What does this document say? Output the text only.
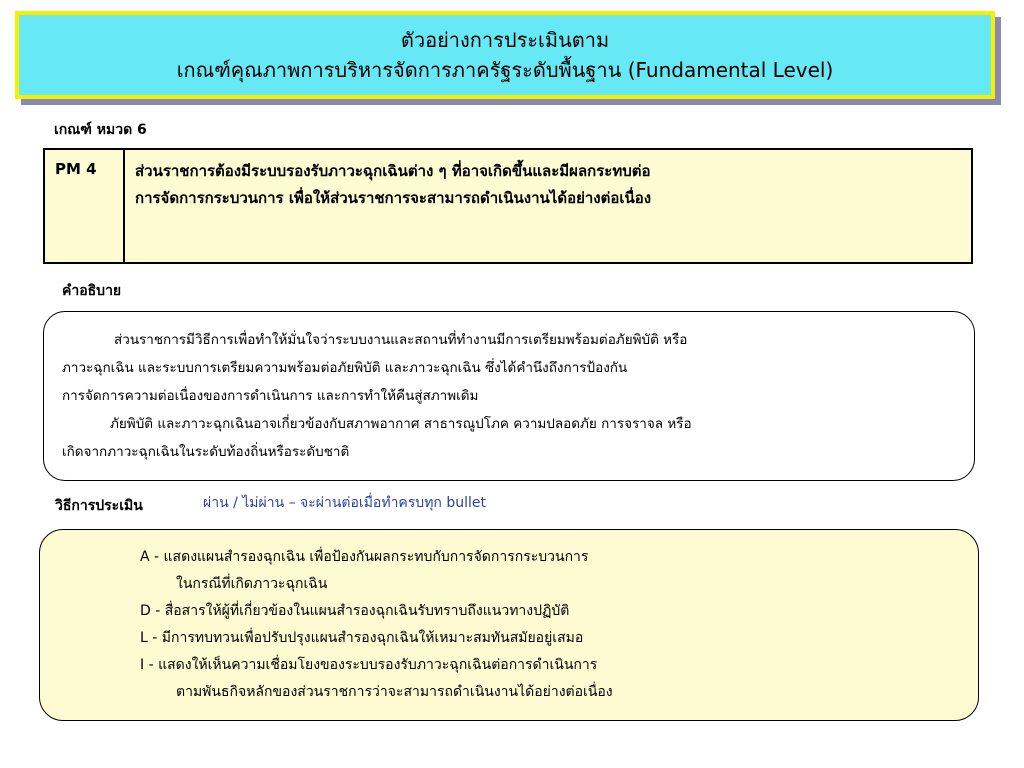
ตัวอย่างการประเมินตาม
เกณฑ์คุณภาพการบริหารจัดการภาครัฐระดับพื้นฐาน (Fundamental Level)
เกณฑ์ หมวด 6
PM 4	ส่วนราชการต้องมีระบบรองรับภาวะฉุกเฉินต่าง ๆ ที่อาจเกิดขึ้นและมีผลกระทบต่อ
การจัดการกระบวนการ เพื่อให้ส่วนราชการจะสามารถดำเนินงานได้อย่างต่อเนื่อง
คำอธิบาย
ส่วนราชการมีวิธีการเพื่อทำให้มั่นใจว่าระบบงานและสถานที่ทำงานมีการเตรียมพร้อมต่อภัยพิบัติ หรือ
ภาวะฉุกเฉิน และระบบการเตรียมความพร้อมต่อภัยพิบัติ และภาวะฉุกเฉิน ซึ่งได้คำนึงถึงการป้องกัน
การจัดการความต่อเนื่องของการดำเนินการ และการทำให้คืนสู่สภาพเดิม
ภัยพิบัติ และภาวะฉุกเฉินอาจเกี่ยวข้องกับสภาพอากาศ สาธารณูปโภค ความปลอดภัย การจราจล หรือ
เกิดจากภาวะฉุกเฉินในระดับท้องถิ่นหรือระดับชาติ
วิธีการประเมิน	ผ่าน / ไม่ผ่าน – จะผ่านต่อเมื่อทำครบทุก bullet
A - แสดงแผนสำรองฉุกเฉิน เพื่อป้องกันผลกระทบกับการจัดการกระบวนการ
ในกรณีที่เกิดภาวะฉุกเฉิน
D - สื่อสารให้ผู้ที่เกี่ยวข้องในแผนสำรองฉุกเฉินรับทราบถึงแนวทางปฏิบัติ
L - มีการทบทวนเพื่อปรับปรุงแผนสำรองฉุกเฉินให้เหมาะสมทันสมัยอยู่เสมอ
I - แสดงให้เห็นความเชื่อมโยงของระบบรองรับภาวะฉุกเฉินต่อการดำเนินการ
ตามพันธกิจหลักของส่วนราชการว่าจะสามารถดำเนินงานได้อย่างต่อเนื่อง
